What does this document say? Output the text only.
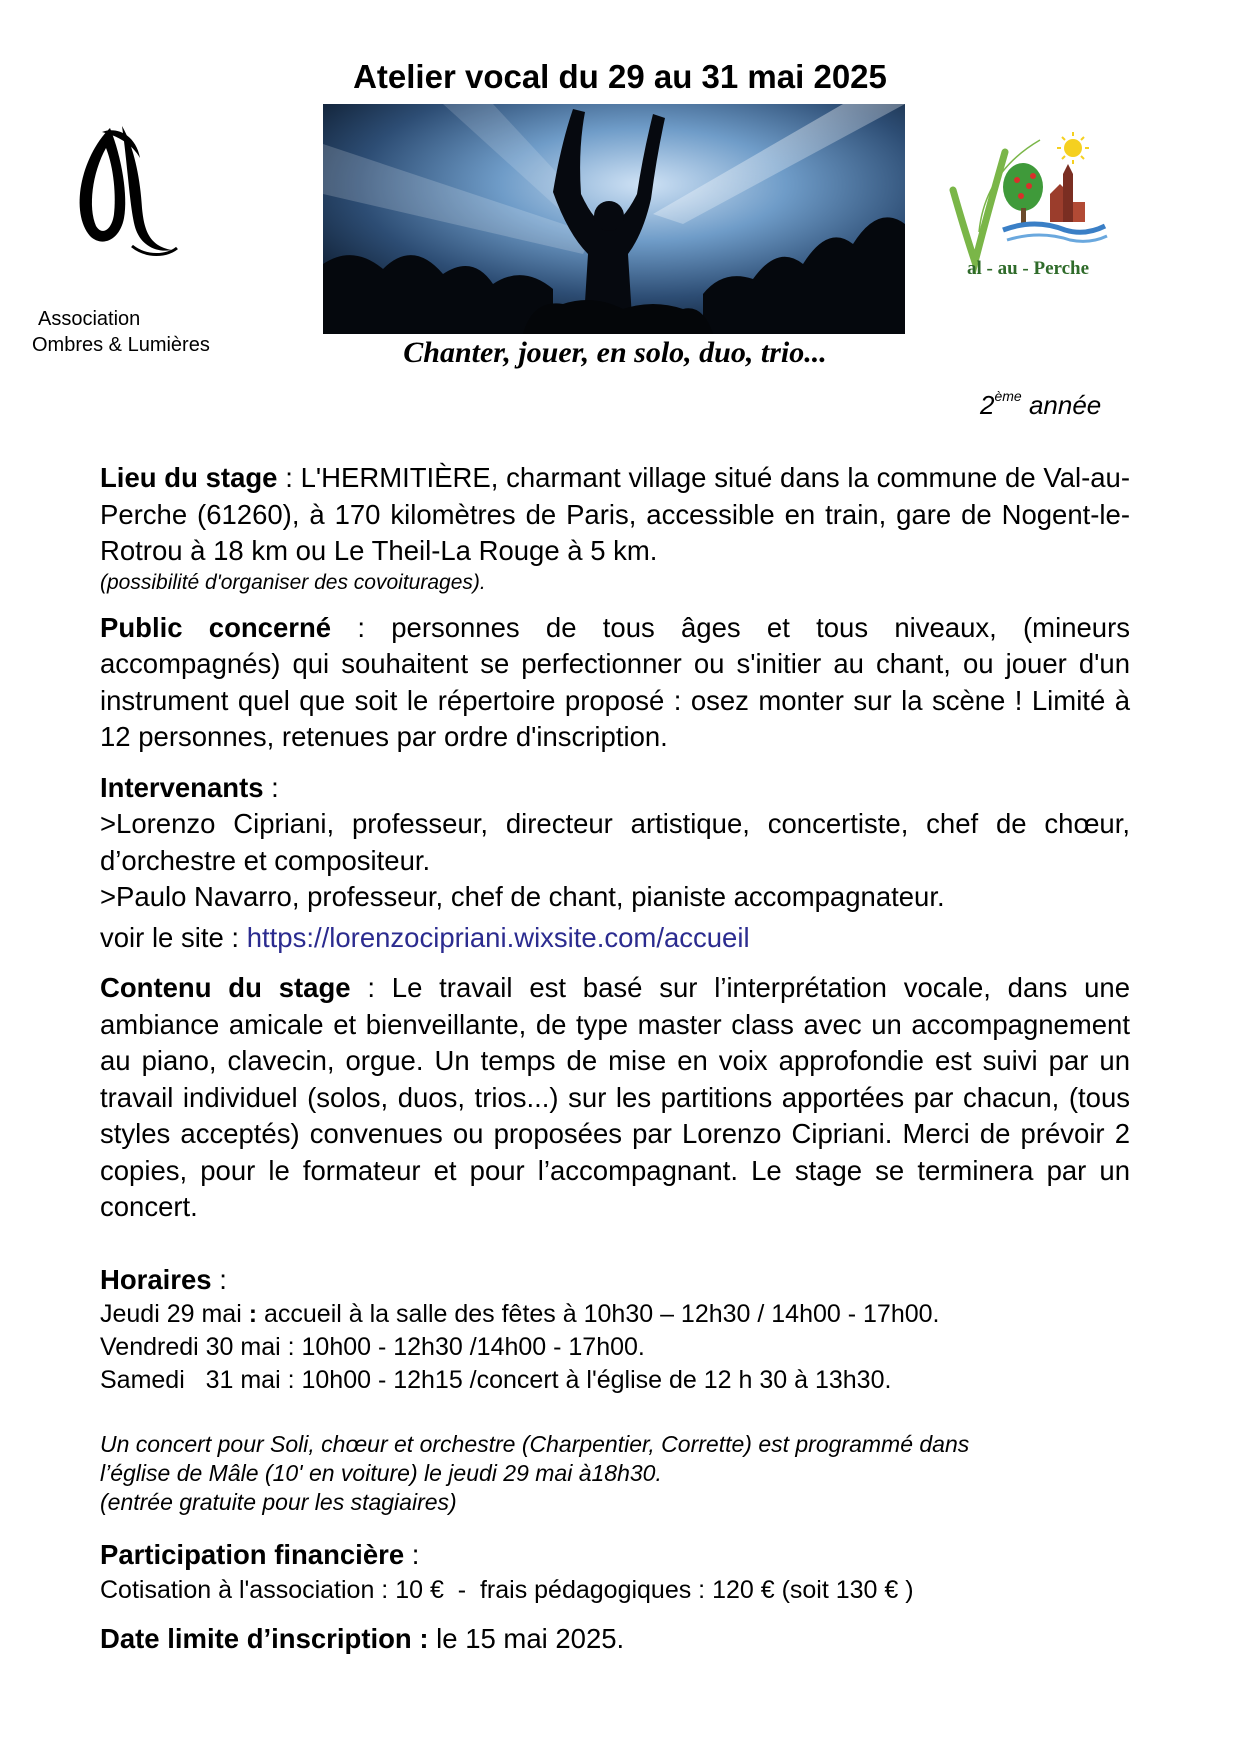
Atelier vocal du 29 au 31 mai 2025
Chanter, jouer, en solo, duo, trio...
Association
Ombres & Lumières
al - au - Perche
2ème année

Lieu du stage : L'HERMITIÈRE, charmant village situé dans la commune de Val-au-Perche (61260), à 170 kilomètres de Paris, accessible en train, gare de Nogent-le-Rotrou à 18 km ou Le Theil-La Rouge à 5 km.

(possibilité d'organiser des covoiturages).

Public concerné : personnes de tous âges et tous niveaux, (mineurs accompagnés) qui souhaitent se perfectionner ou s'initier au chant, ou jouer d'un instrument quel que soit le répertoire proposé : osez monter sur la scène ! Limité à 12 personnes, retenues par ordre d'inscription.

Intervenants :

>Lorenzo Cipriani, professeur, directeur artistique, concertiste, chef de chœur, d’orchestre et compositeur.

>Paulo Navarro, professeur, chef de chant, pianiste accompagnateur.

voir le site : https://lorenzocipriani.wixsite.com/accueil

Contenu du stage : Le travail est basé sur l’interprétation vocale, dans une ambiance amicale et bienveillante, de type master class avec un accompagnement au piano, clavecin, orgue. Un temps de mise en voix approfondie est suivi par un travail individuel (solos, duos, trios...) sur les partitions apportées par chacun, (tous styles acceptés) convenues ou proposées par Lorenzo Cipriani. Merci de prévoir 2 copies, pour le formateur et pour l’accompagnant. Le stage se terminera par un concert.

Horaires :

Jeudi 29 mai : accueil à la salle des fêtes à 10h30 – 12h30 / 14h00 - 17h00.

Vendredi 30 mai : 10h00 - 12h30 /14h00 - 17h00.

Samedi   31 mai : 10h00 - 12h15 /concert à l'église de 12 h 30 à 13h30.

Un concert pour Soli, chœur et orchestre (Charpentier, Corrette) est programmé dans

l’église de Mâle (10' en voiture) le jeudi 29 mai à18h30.

(entrée gratuite pour les stagiaires)

Participation financière :

Cotisation à l'association : 10 €  -  frais pédagogiques : 120 € (soit 130 € )

Date limite d’inscription : le 15 mai 2025.
